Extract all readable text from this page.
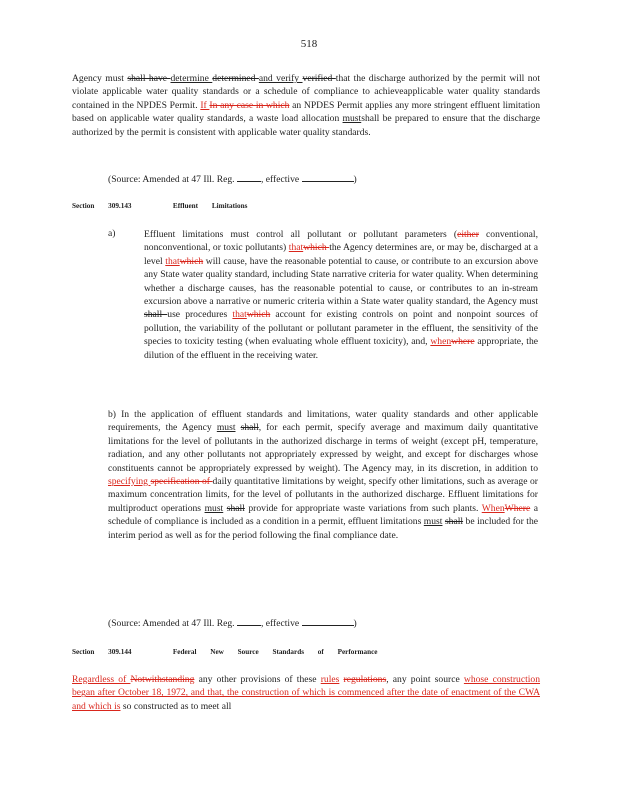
518
Agency must shall have determine determined and verify verified that the discharge authorized by the permit will not violate applicable water quality standards or a schedule of compliance to achieveapplicable water quality standards contained in the NPDES Permit. If In any case in which an NPDES Permit applies any more stringent effluent limitation based on applicable water quality standards, a waste load allocation mustshall be prepared to ensure that the discharge authorized by the permit is consistent with applicable water quality standards.
(Source: Amended at 47 Ill. Reg.	, effective	)
Section 309.143	Effluent Limitations
a)	Effluent limitations must control all pollutant or pollutant parameters (either conventional, nonconventional, or toxic pollutants) thatwhich the Agency determines are, or may be, discharged at a level thatwhich will cause, have the reasonable potential to cause, or contribute to an excursion above any State water quality standard, including State narrative criteria for water quality. When determining whether a discharge causes, has the reasonable potential to cause, or contributes to an in-stream excursion above a narrative or numeric criteria within a State water quality standard, the Agency must shall use procedures thatwhich account for existing controls on point and nonpoint sources of pollution, the variability of the pollutant or pollutant parameter in the effluent, the sensitivity of the species to toxicity testing (when evaluating whole effluent toxicity), and, whenwhere appropriate, the dilution of the effluent in the receiving water.
b) In the application of effluent standards and limitations, water quality standards and other applicable requirements, the Agency must shall, for each permit, specify average and maximum daily quantitative limitations for the level of pollutants in the authorized discharge in terms of weight (except pH, temperature, radiation, and any other pollutants not appropriately expressed by weight, and except for discharges whose constituents cannot be appropriately expressed by weight). The Agency may, in its discretion, in addition to specifying specification of daily quantitative limitations by weight, specify other limitations, such as average or maximum concentration limits, for the level of pollutants in the authorized discharge. Effluent limitations for multiproduct operations must shall provide for appropriate waste variations from such plants. WhenWhere a schedule of compliance is included as a condition in a permit, effluent limitations must shall be included for the interim period as well as for the period following the final compliance date.
(Source: Amended at 47 Ill. Reg.	, effective	)
Section 309.144	Federal New Source Standards of Performance
Regardless of Notwithstanding any other provisions of these rules regulations, any point source whose construction began after October 18, 1972, and that, the construction of which is commenced after the date of enactment of the CWA and which is so constructed as to meet all
